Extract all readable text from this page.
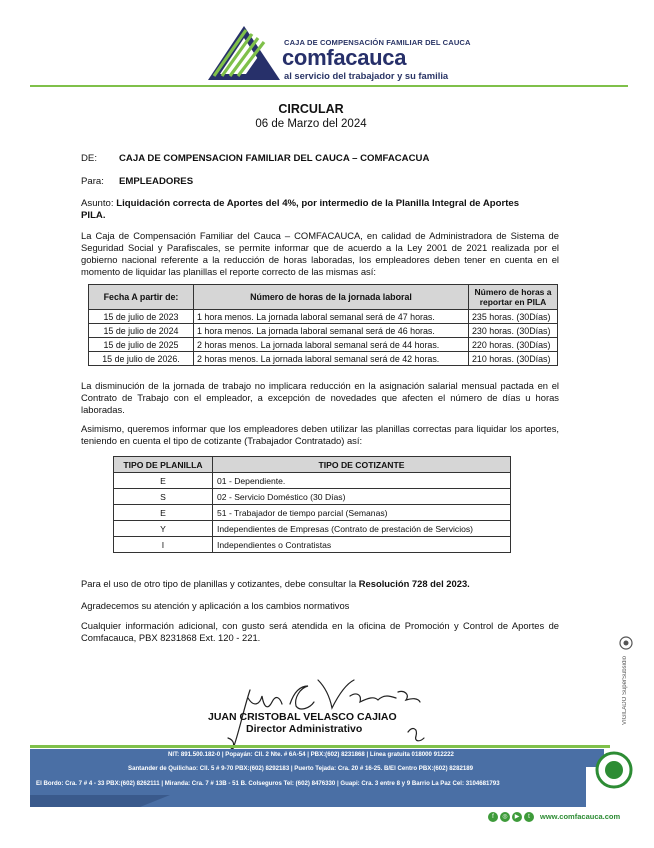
CAJA DE COMPENSACIÓN FAMILIAR DEL CAUCA
comfacauca
al servicio del trabajador y su familia
CIRCULAR
06 de Marzo del 2024
DE: CAJA DE COMPENSACION FAMILIAR DEL CAUCA – COMFACACUA
Para: EMPLEADORES
Asunto: Liquidación correcta de Aportes del 4%, por intermedio de la Planilla Integral de Aportes
PILA.
La Caja de Compensación Familiar del Cauca – COMFACAUCA, en calidad de Administradora de Sistema de Seguridad Social y Parafiscales, se permite informar que de acuerdo a la Ley 2001 de 2021 realizada por el gobierno nacional referente a la reducción de horas laboradas, los empleadores deben tener en cuenta en el momento de liquidar las planillas el reporte correcto de las mismas así:
Fecha A partir de:	Número de horas de la jornada laboral	Número de horas a reportar en PILA
15 de julio de 2023	1 hora menos. La jornada laboral semanal será de 47 horas.	235 horas. (30Días)
15 de julio de 2024	1 hora menos. La jornada laboral semanal será de 46 horas.	230 horas. (30Días)
15 de julio de 2025	2 horas menos. La jornada laboral semanal será de 44 horas.	220 horas. (30Días)
15 de julio de 2026.	2 horas menos. La jornada laboral semanal será de 42 horas.	210 horas. (30Días)
La disminución de la jornada de trabajo no implicara reducción en la asignación salarial mensual pactada en el Contrato de Trabajo con el empleador, a excepción de novedades que afecten el número de días u horas laboradas.
Asimismo, queremos informar que los empleadores deben utilizar las planillas correctas para liquidar los aportes, teniendo en cuenta el tipo de cotizante (Trabajador Contratado) así:
TIPO DE PLANILLA	TIPO DE COTIZANTE
E	01 - Dependiente.
S	02 - Servicio Doméstico (30 Días)
E	51 - Trabajador de tiempo parcial (Semanas)
Y	Independientes de Empresas (Contrato de prestación de Servicios)
I	Independientes o Contratistas
Para el uso de otro tipo de planillas y cotizantes, debe consultar la Resolución 728 del 2023.
Agradecemos su atención y aplicación a los cambios normativos
Cualquier información adicional, con gusto será atendida en la oficina de Promoción y Control de Aportes de Comfacauca, PBX 8231868 Ext. 120 - 221.
JUAN CRISTOBAL VELASCO CAJIAO
Director Administrativo
VIGILADO SuperSubsidio
NIT: 891.500.182-0 | Popayán: Cll. 2 Nte. # 6A-54 | PBX:(602) 8231868 | Línea gratuita 018000 912222
Santander de Quilichao: Cll. 5 # 9-70 PBX:(602) 8292183 | Puerto Tejada: Cra. 20 # 16-25. B/El Centro PBX:(602) 8282189
El Bordo: Cra. 7 # 4 - 33 PBX:(602) 8262111 | Miranda: Cra. 7 # 13B - 51 B. Colseguros Tel: (602) 8476330 | Guapi: Cra. 3 entre 8 y 9 Barrio La Paz Cel: 3104681793
f	◎	▶	t	www.comfacauca.com
